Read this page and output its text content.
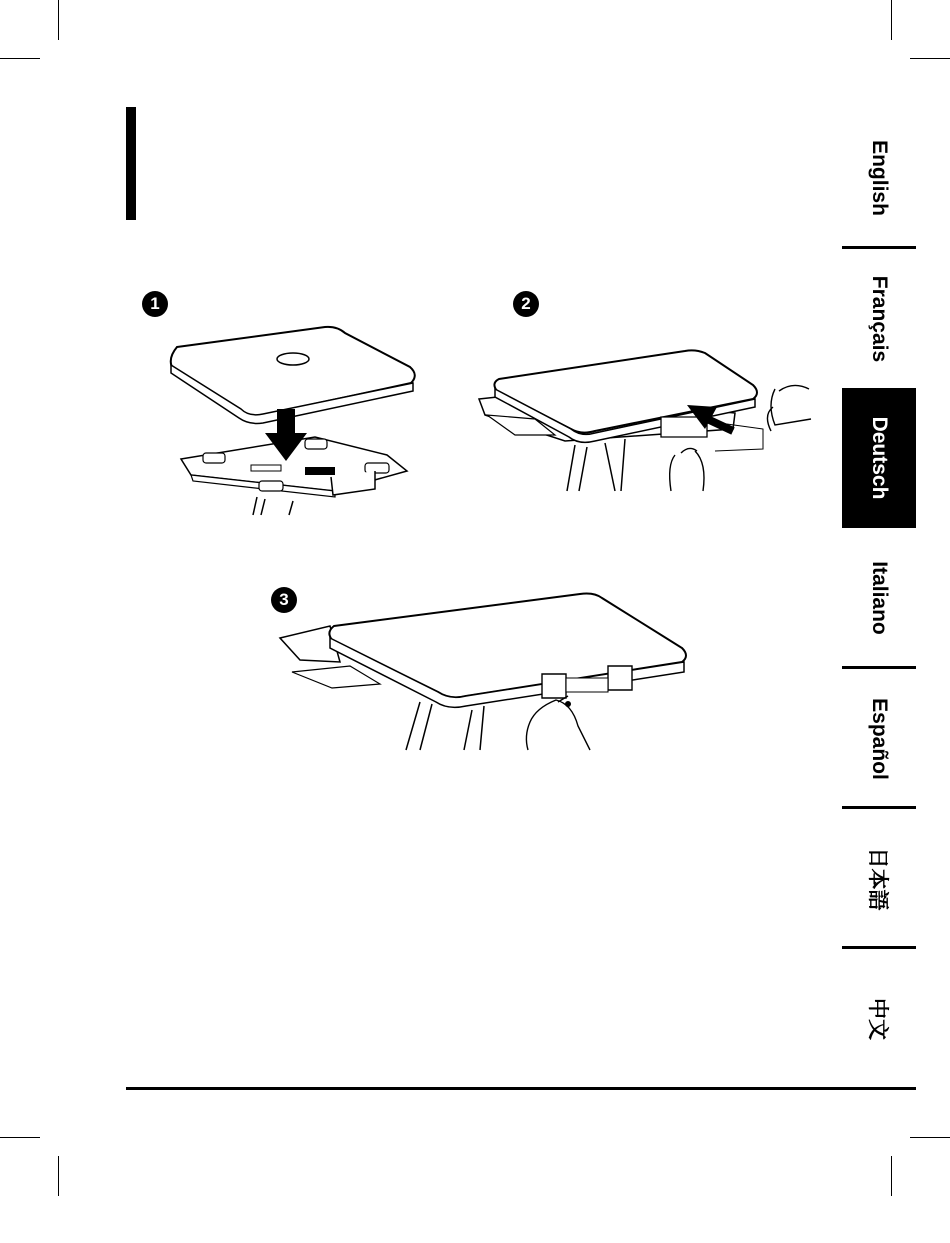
1	2
3
English
Français
Deutsch
Italiano
Español
日本語
中文
